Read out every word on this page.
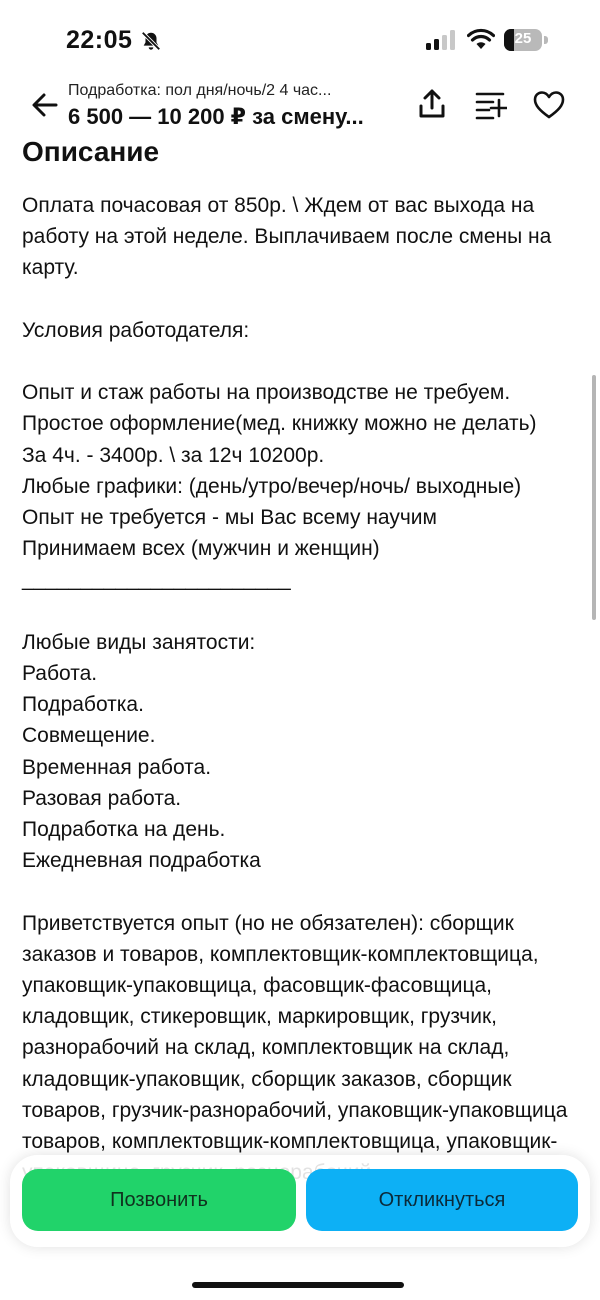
22:05	25
Подработка: пол дня/ночь/2 4 час...
6 500 — 10 200 ₽ за смену...
Описание
Оплата почасовая от 850р. \ Ждем от вас выхода на работу на этой неделе. Выплачиваем после смены на карту.

Условия работодателя:

Опыт и стаж работы на производстве не требуем.
Простое оформление(мед. книжку можно не делать)
За 4ч. - 3400р. \ за 12ч 10200р.
Любые графики: (день/утро/вечер/ночь/ выходные)
Опыт не требуется - мы Вас всему научим
Принимаем всех (мужчин и женщин)
_______________________

Любые виды занятости:
Работа.
Подработка.
Совмещение.
Временная работа.
Разовая работа.
Подработка на день.
Ежедневная подработка

Приветствуется опыт (но не обязателен): сборщик заказов и товаров, комплектовщик-комплектовщица, упаковщик-упаковщица, фасовщик-фасовщица, кладовщик, стикеровщик, маркировщик, грузчик, разнорабочий на склад, комплектовщик на склад, кладовщик-упаковщик, сборщик заказов, сборщик товаров, грузчик-разнорабочий, упаковщик-упаковщица товаров, комплектовщик-комплектовщица, упаковщик-
Позвонить	Откликнуться
